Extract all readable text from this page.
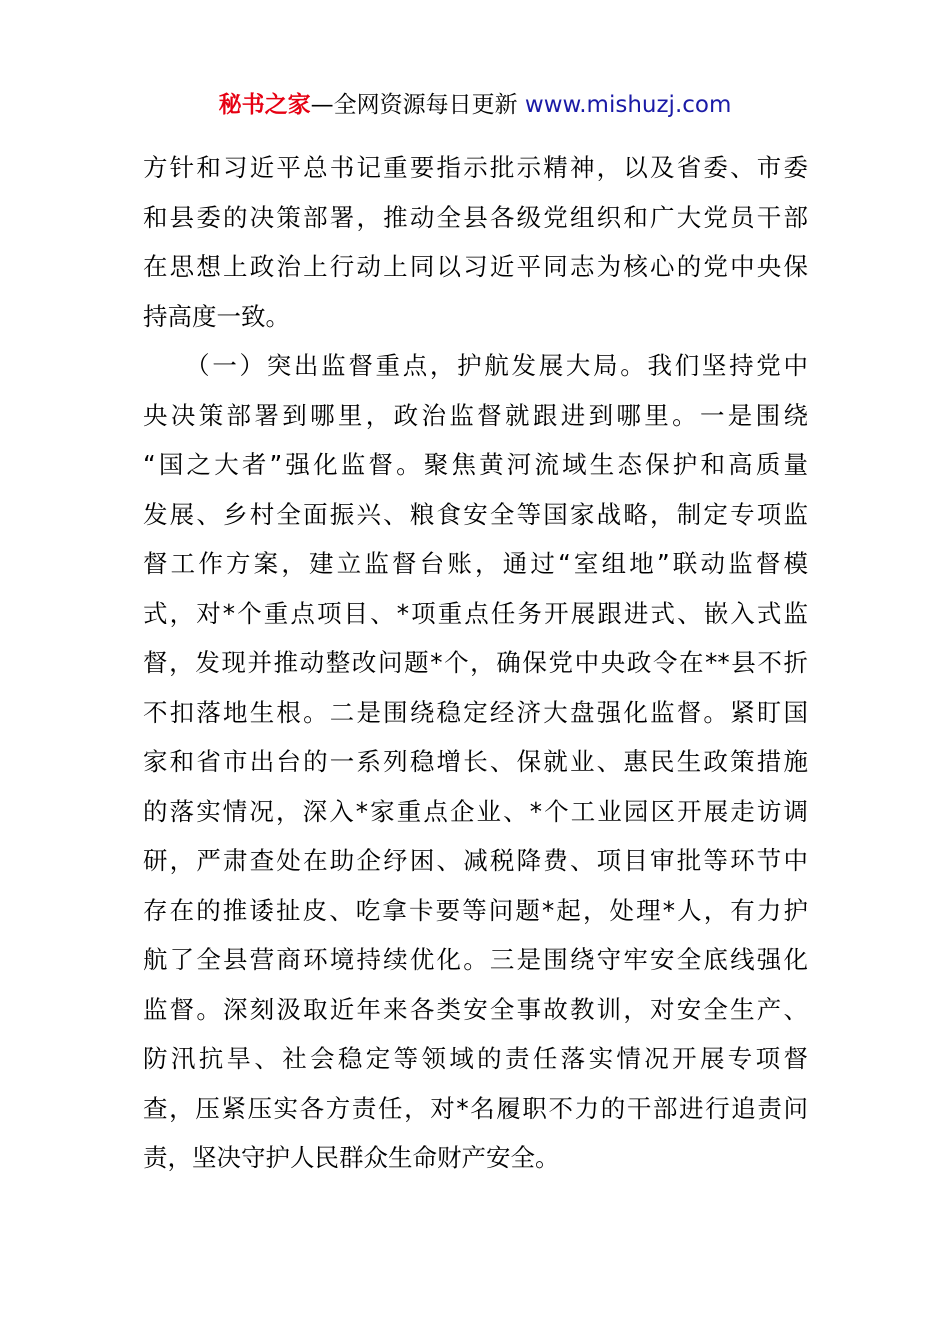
秘书之家—全网资源每日更新 www.mishuzj.com
方针和习近平总书记重要指示批示精神，以及省委、市委
和县委的决策部署，推动全县各级党组织和广大党员干部
在思想上政治上行动上同以习近平同志为核心的党中央保
持高度一致。
　　（一）突出监督重点，护航发展大局。我们坚持党中
央决策部署到哪里，政治监督就跟进到哪里。一是围绕
“国之大者”强化监督。聚焦黄河流域生态保护和高质量
发展、乡村全面振兴、粮食安全等国家战略，制定专项监
督工作方案，建立监督台账，通过“室组地”联动监督模
式，对*个重点项目、*项重点任务开展跟进式、嵌入式监
督，发现并推动整改问题*个，确保党中央政令在**县不折
不扣落地生根。二是围绕稳定经济大盘强化监督。紧盯国
家和省市出台的一系列稳增长、保就业、惠民生政策措施
的落实情况，深入*家重点企业、*个工业园区开展走访调
研，严肃查处在助企纾困、减税降费、项目审批等环节中
存在的推诿扯皮、吃拿卡要等问题*起，处理*人，有力护
航了全县营商环境持续优化。三是围绕守牢安全底线强化
监督。深刻汲取近年来各类安全事故教训，对安全生产、
防汛抗旱、社会稳定等领域的责任落实情况开展专项督
查，压紧压实各方责任，对*名履职不力的干部进行追责问
责，坚决守护人民群众生命财产安全。
